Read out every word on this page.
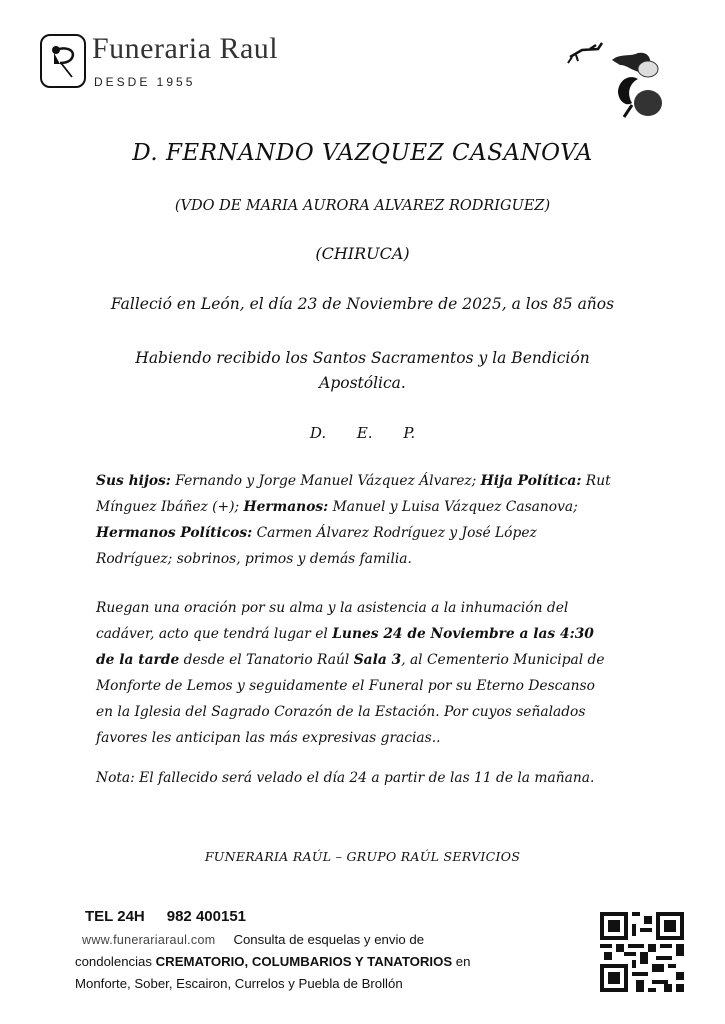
Funeraria Raul
DESDE 1955
D. FERNANDO VAZQUEZ CASANOVA
(VDO DE MARIA AURORA ALVAREZ RODRIGUEZ)
(CHIRUCA)
Falleció en León, el día 23 de Noviembre de 2025, a los 85 años
Habiendo recibido los Santos Sacramentos y la Bendición
Apostólica.
D. E. P.
Sus hijos: Fernando y Jorge Manuel Vázquez Álvarez; Hija Política: Rut Mínguez Ibáñez (+); Hermanos: Manuel y Luisa Vázquez Casanova; Hermanos Políticos: Carmen Álvarez Rodríguez y José López Rodríguez; sobrinos, primos y demás familia.
Ruegan una oración por su alma y la asistencia a la inhumación del cadáver, acto que tendrá lugar el Lunes 24 de Noviembre a las 4:30 de la tarde desde el Tanatorio Raúl Sala 3, al Cementerio Municipal de Monforte de Lemos y seguidamente el Funeral por su Eterno Descanso en la Iglesia del Sagrado Corazón de la Estación. Por cuyos señalados favores les anticipan las más expresivas gracias..
Nota: El fallecido será velado el día 24 a partir de las 11 de la mañana.
FUNERARIA RAÚL – GRUPO RAÚL SERVICIOS
TEL 24H 982 400151
www.funerariaraul.com Consulta de esquelas y envio de
condolencias CREMATORIO, COLUMBARIOS Y TANATORIOS en
Monforte, Sober, Escairon, Currelos y Puebla de Brollón
